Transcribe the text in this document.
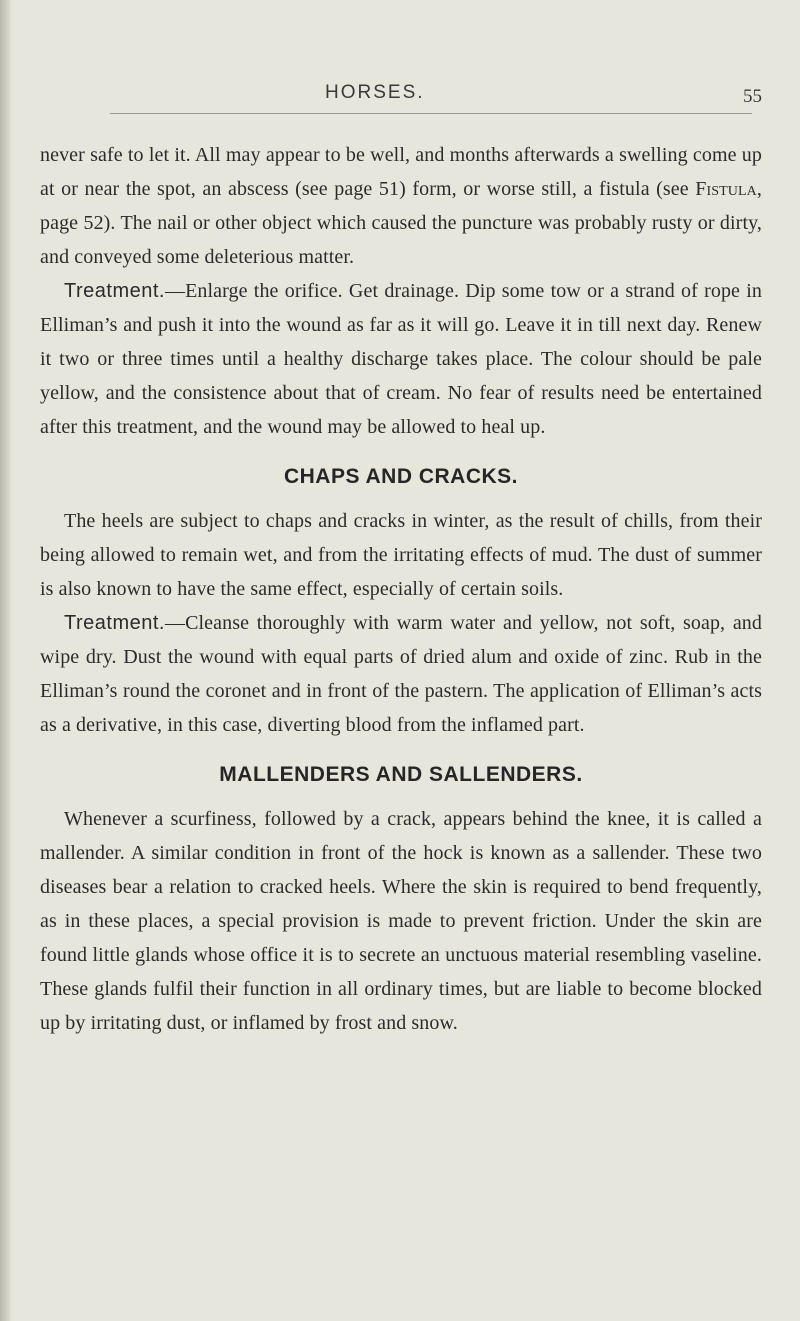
HORSES.	55

never safe to let it. All may appear to be well, and months afterwards a swelling come up at or near the spot, an abscess (see page 51) form, or worse still, a fistula (see Fistula, page 52). The nail or other object which caused the puncture was probably rusty or dirty, and conveyed some deleterious matter.

Treatment.—Enlarge the orifice. Get drainage. Dip some tow or a strand of rope in Elliman’s and push it into the wound as far as it will go. Leave it in till next day. Renew it two or three times until a healthy discharge takes place. The colour should be pale yellow, and the consistence about that of cream. No fear of results need be entertained after this treatment, and the wound may be allowed to heal up.

CHAPS AND CRACKS.

The heels are subject to chaps and cracks in winter, as the result of chills, from their being allowed to remain wet, and from the irritating effects of mud. The dust of summer is also known to have the same effect, especially of certain soils.

Treatment.—Cleanse thoroughly with warm water and yellow, not soft, soap, and wipe dry. Dust the wound with equal parts of dried alum and oxide of zinc. Rub in the Elliman’s round the coronet and in front of the pastern. The application of Elliman’s acts as a derivative, in this case, diverting blood from the inflamed part.

MALLENDERS AND SALLENDERS.

Whenever a scurfiness, followed by a crack, appears behind the knee, it is called a mallender. A similar condition in front of the hock is known as a sallender. These two diseases bear a relation to cracked heels. Where the skin is required to bend frequently, as in these places, a special provision is made to prevent friction. Under the skin are found little glands whose office it is to secrete an unctuous material resembling vaseline. These glands fulfil their function in all ordinary times, but are liable to become blocked up by irritating dust, or inflamed by frost and snow.
